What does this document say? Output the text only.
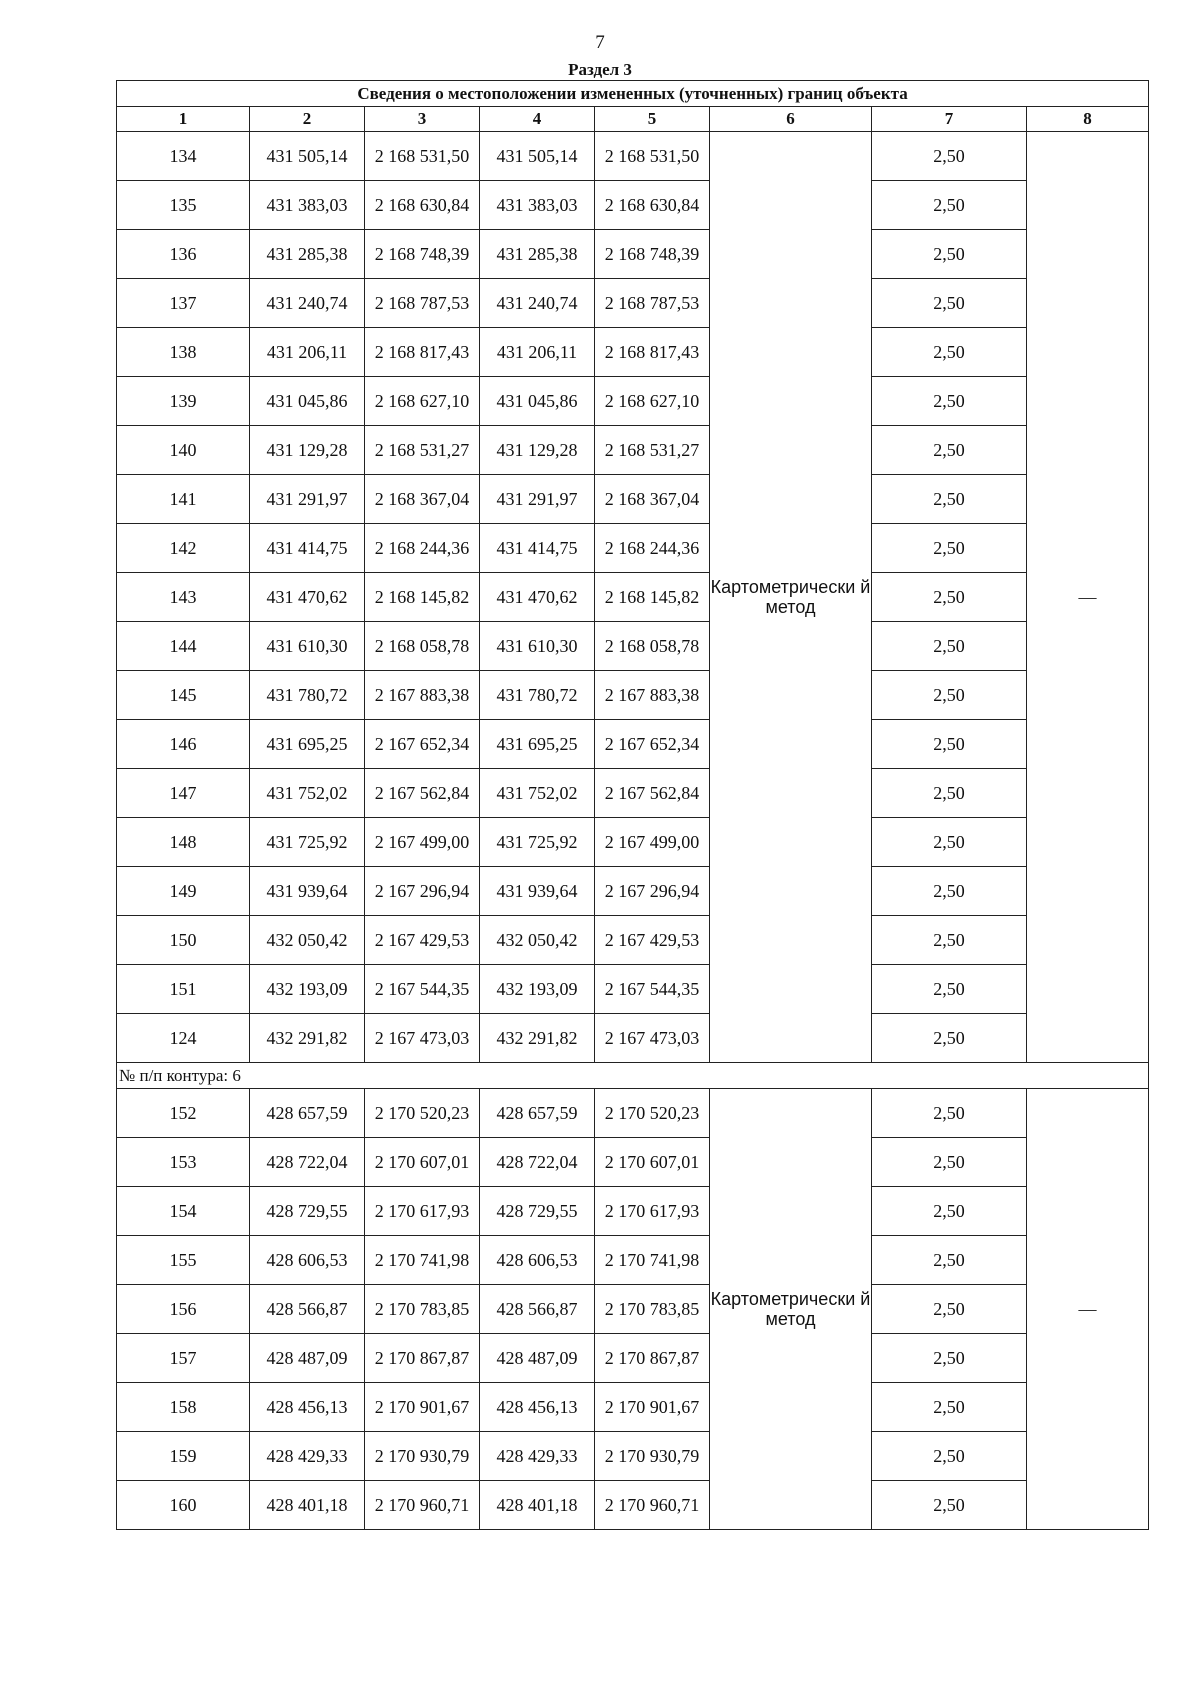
7
Раздел 3
Сведения о местоположении измененных (уточненных) границ объекта							
1	2	3	4	5	6	7	8
134	431 505,14	2 168 531,50	431 505,14	2 168 531,50	Картометрически й метод	2,50	—
135	431 383,03	2 168 630,84	431 383,03	2 168 630,84		2,50	
136	431 285,38	2 168 748,39	431 285,38	2 168 748,39		2,50	
137	431 240,74	2 168 787,53	431 240,74	2 168 787,53		2,50	
138	431 206,11	2 168 817,43	431 206,11	2 168 817,43		2,50	
139	431 045,86	2 168 627,10	431 045,86	2 168 627,10		2,50	
140	431 129,28	2 168 531,27	431 129,28	2 168 531,27		2,50	
141	431 291,97	2 168 367,04	431 291,97	2 168 367,04		2,50	
142	431 414,75	2 168 244,36	431 414,75	2 168 244,36		2,50	
143	431 470,62	2 168 145,82	431 470,62	2 168 145,82		2,50	
144	431 610,30	2 168 058,78	431 610,30	2 168 058,78		2,50	
145	431 780,72	2 167 883,38	431 780,72	2 167 883,38		2,50	
146	431 695,25	2 167 652,34	431 695,25	2 167 652,34		2,50	
147	431 752,02	2 167 562,84	431 752,02	2 167 562,84		2,50	
148	431 725,92	2 167 499,00	431 725,92	2 167 499,00		2,50	
149	431 939,64	2 167 296,94	431 939,64	2 167 296,94		2,50	
150	432 050,42	2 167 429,53	432 050,42	2 167 429,53		2,50	
151	432 193,09	2 167 544,35	432 193,09	2 167 544,35		2,50	
124	432 291,82	2 167 473,03	432 291,82	2 167 473,03		2,50	
№ п/п контура: 6							
152	428 657,59	2 170 520,23	428 657,59	2 170 520,23	Картометрически й метод	2,50	—
153	428 722,04	2 170 607,01	428 722,04	2 170 607,01		2,50	
154	428 729,55	2 170 617,93	428 729,55	2 170 617,93		2,50	
155	428 606,53	2 170 741,98	428 606,53	2 170 741,98		2,50	
156	428 566,87	2 170 783,85	428 566,87	2 170 783,85		2,50	
157	428 487,09	2 170 867,87	428 487,09	2 170 867,87		2,50	
158	428 456,13	2 170 901,67	428 456,13	2 170 901,67		2,50	
159	428 429,33	2 170 930,79	428 429,33	2 170 930,79		2,50	
160	428 401,18	2 170 960,71	428 401,18	2 170 960,71		2,50	
